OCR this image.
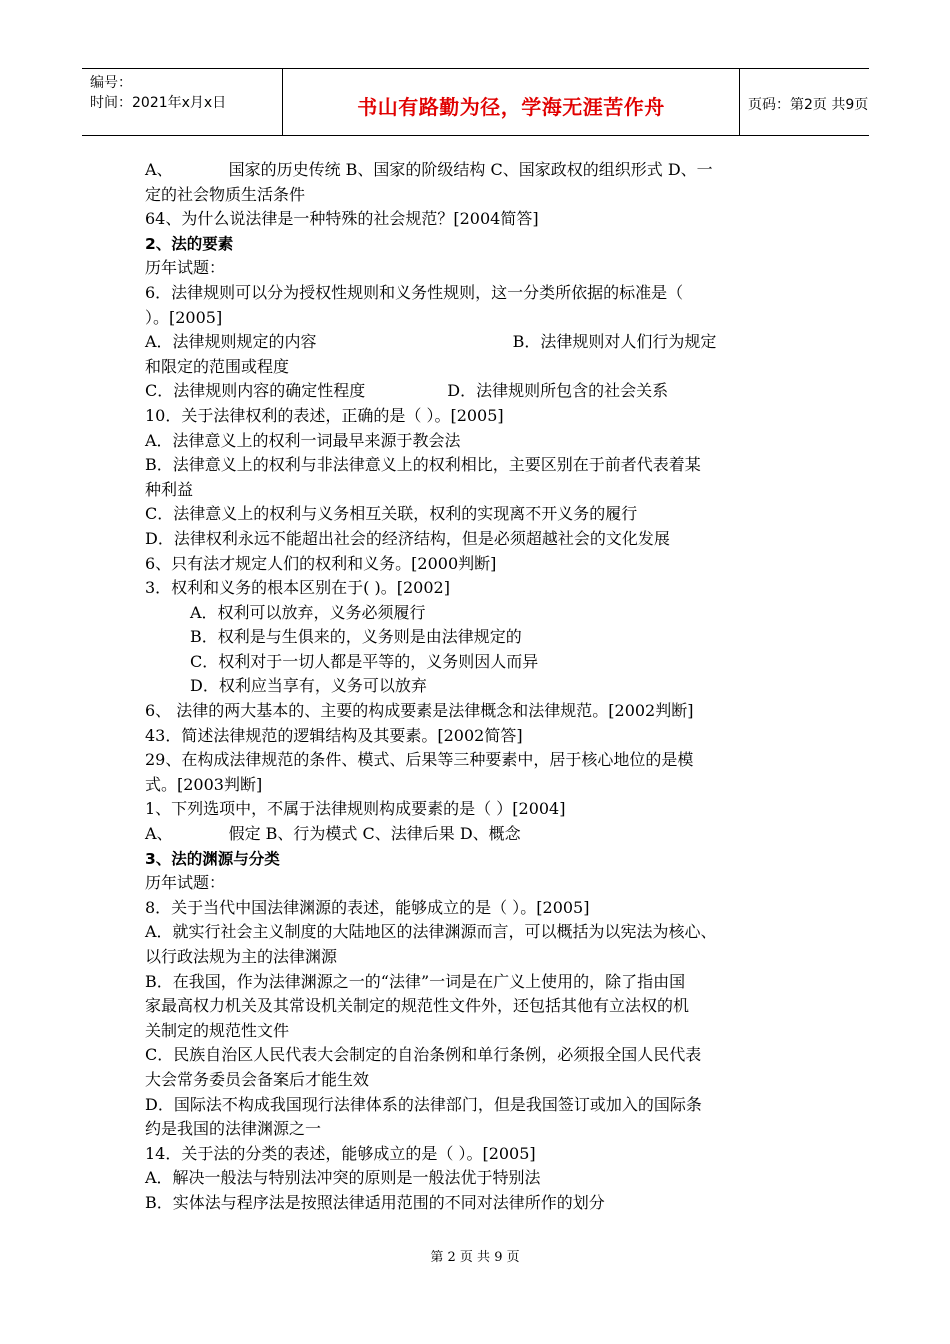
编号：
时间：2021年x月x日	书山有路勤为径，学海无涯苦作舟	页码：第2页 共9页
A、	国家的历史传统 B、国家的阶级结构 C、国家政权的组织形式 D、一
定的社会物质生活条件
64、为什么说法律是一种特殊的社会规范？[2004简答]
2、法的要素
历年试题：
6．法律规则可以分为授权性规则和义务性规则，这一分类所依据的标准是（
）。[2005]
A．法律规则规定的内容	B．法律规则对人们行为规定
和限定的范围或程度
C．法律规则内容的确定性程度	D．法律规则所包含的社会关系
10．关于法律权利的表述，正确的是（ ）。[2005]
A．法律意义上的权利一词最早来源于教会法
B．法律意义上的权利与非法律意义上的权利相比，主要区别在于前者代表着某
种利益
C．法律意义上的权利与义务相互关联，权利的实现离不开义务的履行
D．法律权利永远不能超出社会的经济结构，但是必须超越社会的文化发展
6、只有法才规定人们的权利和义务。[2000判断]
3．权利和义务的根本区别在于( )。[2002]
A．权利可以放弃，义务必须履行
B．权利是与生俱来的，义务则是由法律规定的
C．权利对于一切人都是平等的，义务则因人而异
D．权利应当享有，义务可以放弃
6、 法律的两大基本的、主要的构成要素是法律概念和法律规范。[2002判断]
43．简述法律规范的逻辑结构及其要素。[2002简答]
29、在构成法律规范的条件、模式、后果等三种要素中，居于核心地位的是模
式。[2003判断]
1、下列选项中，不属于法律规则构成要素的是（ ）[2004]
A、	假定 B、行为模式 C、法律后果 D、概念
3、法的渊源与分类
历年试题：
8．关于当代中国法律渊源的表述，能够成立的是（ ）。[2005]
A．就实行社会主义制度的大陆地区的法律渊源而言，可以概括为以宪法为核心、
以行政法规为主的法律渊源
B．在我国，作为法律渊源之一的“法律”一词是在广义上使用的，除了指由国
家最高权力机关及其常设机关制定的规范性文件外，还包括其他有立法权的机
关制定的规范性文件
C．民族自治区人民代表大会制定的自治条例和单行条例，必须报全国人民代表
大会常务委员会备案后才能生效
D．国际法不构成我国现行法律体系的法律部门，但是我国签订或加入的国际条
约是我国的法律渊源之一
14．关于法的分类的表述，能够成立的是（ ）。[2005]
A．解决一般法与特别法冲突的原则是一般法优于特别法
B．实体法与程序法是按照法律适用范围的不同对法律所作的划分
第 2 页 共 9 页
